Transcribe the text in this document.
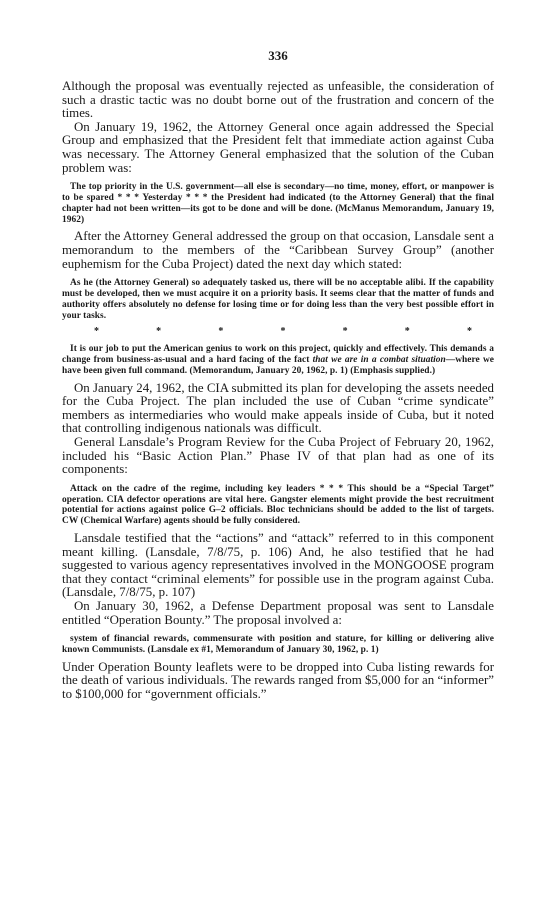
336

Although the proposal was eventually rejected as unfeasible, the consideration of such a drastic tactic was no doubt borne out of the frustration and concern of the times.

On January 19, 1962, the Attorney General once again addressed the Special Group and emphasized that the President felt that immediate action against Cuba was necessary. The Attorney General emphasized that the solution of the Cuban problem was:

The top priority in the U.S. government—all else is secondary—no time, money, effort, or manpower is to be spared * * * Yesterday * * * the President had indicated (to the Attorney General) that the final chapter had not been written—its got to be done and will be done. (McManus Memorandum, January 19, 1962)

After the Attorney General addressed the group on that occasion, Lansdale sent a memorandum to the members of the “Caribbean Survey Group” (another euphemism for the Cuba Project) dated the next day which stated:

As he (the Attorney General) so adequately tasked us, there will be no acceptable alibi. If the capability must be developed, then we must acquire it on a priority basis. It seems clear that the matter of funds and authority offers absolutely no defense for losing time or for doing less than the very best possible effort in your tasks.

*	*	*	*	*	*	*

It is our job to put the American genius to work on this project, quickly and effectively. This demands a change from business-as-usual and a hard facing of the fact that we are in a combat situation—where we have been given full command. (Memorandum, January 20, 1962, p. 1) (Emphasis supplied.)

On January 24, 1962, the CIA submitted its plan for developing the assets needed for the Cuba Project. The plan included the use of Cuban “crime syndicate” members as intermediaries who would make appeals inside of Cuba, but it noted that controlling indigenous nationals was difficult.

General Lansdale’s Program Review for the Cuba Project of February 20, 1962, included his “Basic Action Plan.” Phase IV of that plan had as one of its components:

Attack on the cadre of the regime, including key leaders * * * This should be a “Special Target” operation. CIA defector operations are vital here. Gangster elements might provide the best recruitment potential for actions against police G–2 officials. Bloc technicians should be added to the list of targets. CW (Chemical Warfare) agents should be fully considered.

Lansdale testified that the “actions” and “attack” referred to in this component meant killing. (Lansdale, 7/8/75, p. 106) And, he also testified that he had suggested to various agency representatives involved in the MONGOOSE program that they contact “criminal elements” for possible use in the program against Cuba. (Lansdale, 7/8/75, p. 107)

On January 30, 1962, a Defense Department proposal was sent to Lansdale entitled “Operation Bounty.” The proposal involved a:

system of financial rewards, commensurate with position and stature, for killing or delivering alive known Communists. (Lansdale ex #1, Memorandum of January 30, 1962, p. 1)

Under Operation Bounty leaflets were to be dropped into Cuba listing rewards for the death of various individuals. The rewards ranged from $5,000 for an “informer” to $100,000 for “government officials.”
